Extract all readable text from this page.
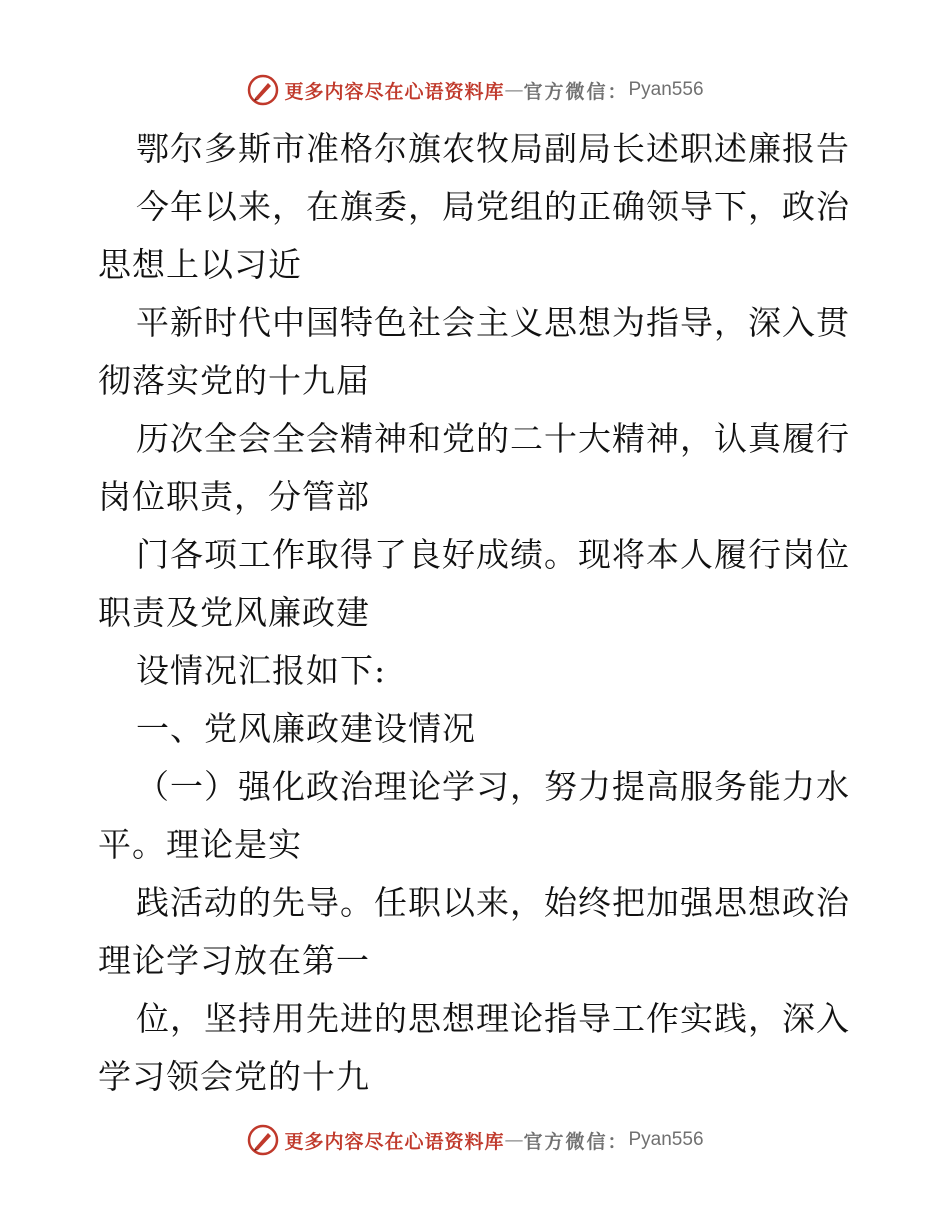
更多内容尽在心语资料库 — 官方微信： Pyan556
鄂尔多斯市准格尔旗农牧局副局长述职述廉报告
今年以来，在旗委，局党组的正确领导下，政治
思想上以习近
平新时代中国特色社会主义思想为指导，深入贯
彻落实党的十九届
历次全会全会精神和党的二十大精神，认真履行
岗位职责，分管部
门各项工作取得了良好成绩。现将本人履行岗位
职责及党风廉政建
设情况汇报如下:
一、党风廉政建设情况
（一）强化政治理论学习，努力提高服务能力水
平。理论是实
践活动的先导。任职以来，始终把加强思想政治
理论学习放在第一
位，坚持用先进的思想理论指导工作实践，深入
学习领会党的十九
更多内容尽在心语资料库 — 官方微信： Pyan556
